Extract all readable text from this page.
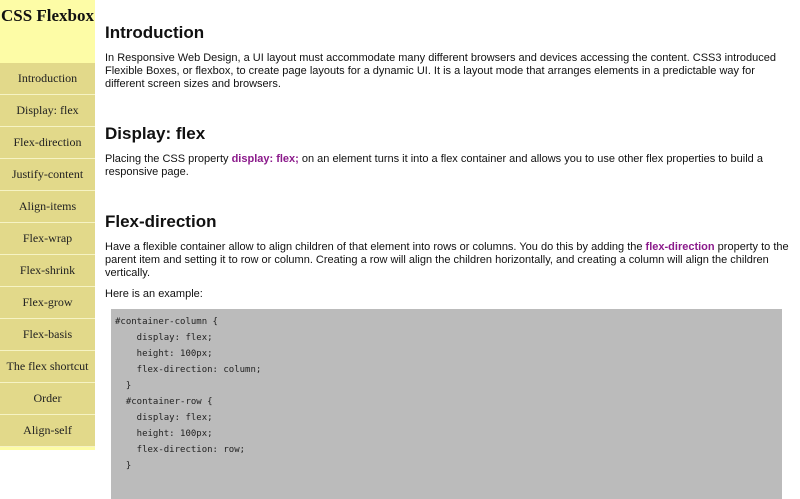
CSS Flexbox
Introduction
Display: flex
Flex-direction
Justify-content
Align-items
Flex-wrap
Flex-shrink
Flex-grow
Flex-basis
The flex shortcut
Order
Align-self
Introduction

In Responsive Web Design, a UI layout must accommodate many different browsers and devices accessing the content. CSS3 introduced Flexible Boxes, or flexbox, to create page layouts for a dynamic UI. It is a layout mode that arranges elements in a predictable way for different screen sizes and browsers.

Display: flex

Placing the CSS property display: flex; on an element turns it into a flex container and allows you to use other flex properties to build a responsive page.

Flex-direction

Have a flexible container allow to align children of that element into rows or columns. You do this by adding the flex-direction property to the parent item and setting it to row or column. Creating a row will align the children horizontally, and creating a column will align the children vertically.

Here is an example:

#container-column {
display: flex;
height: 100px;
flex-direction: column;
}
#container-row {
display: flex;
height: 100px;
flex-direction: row;
}
